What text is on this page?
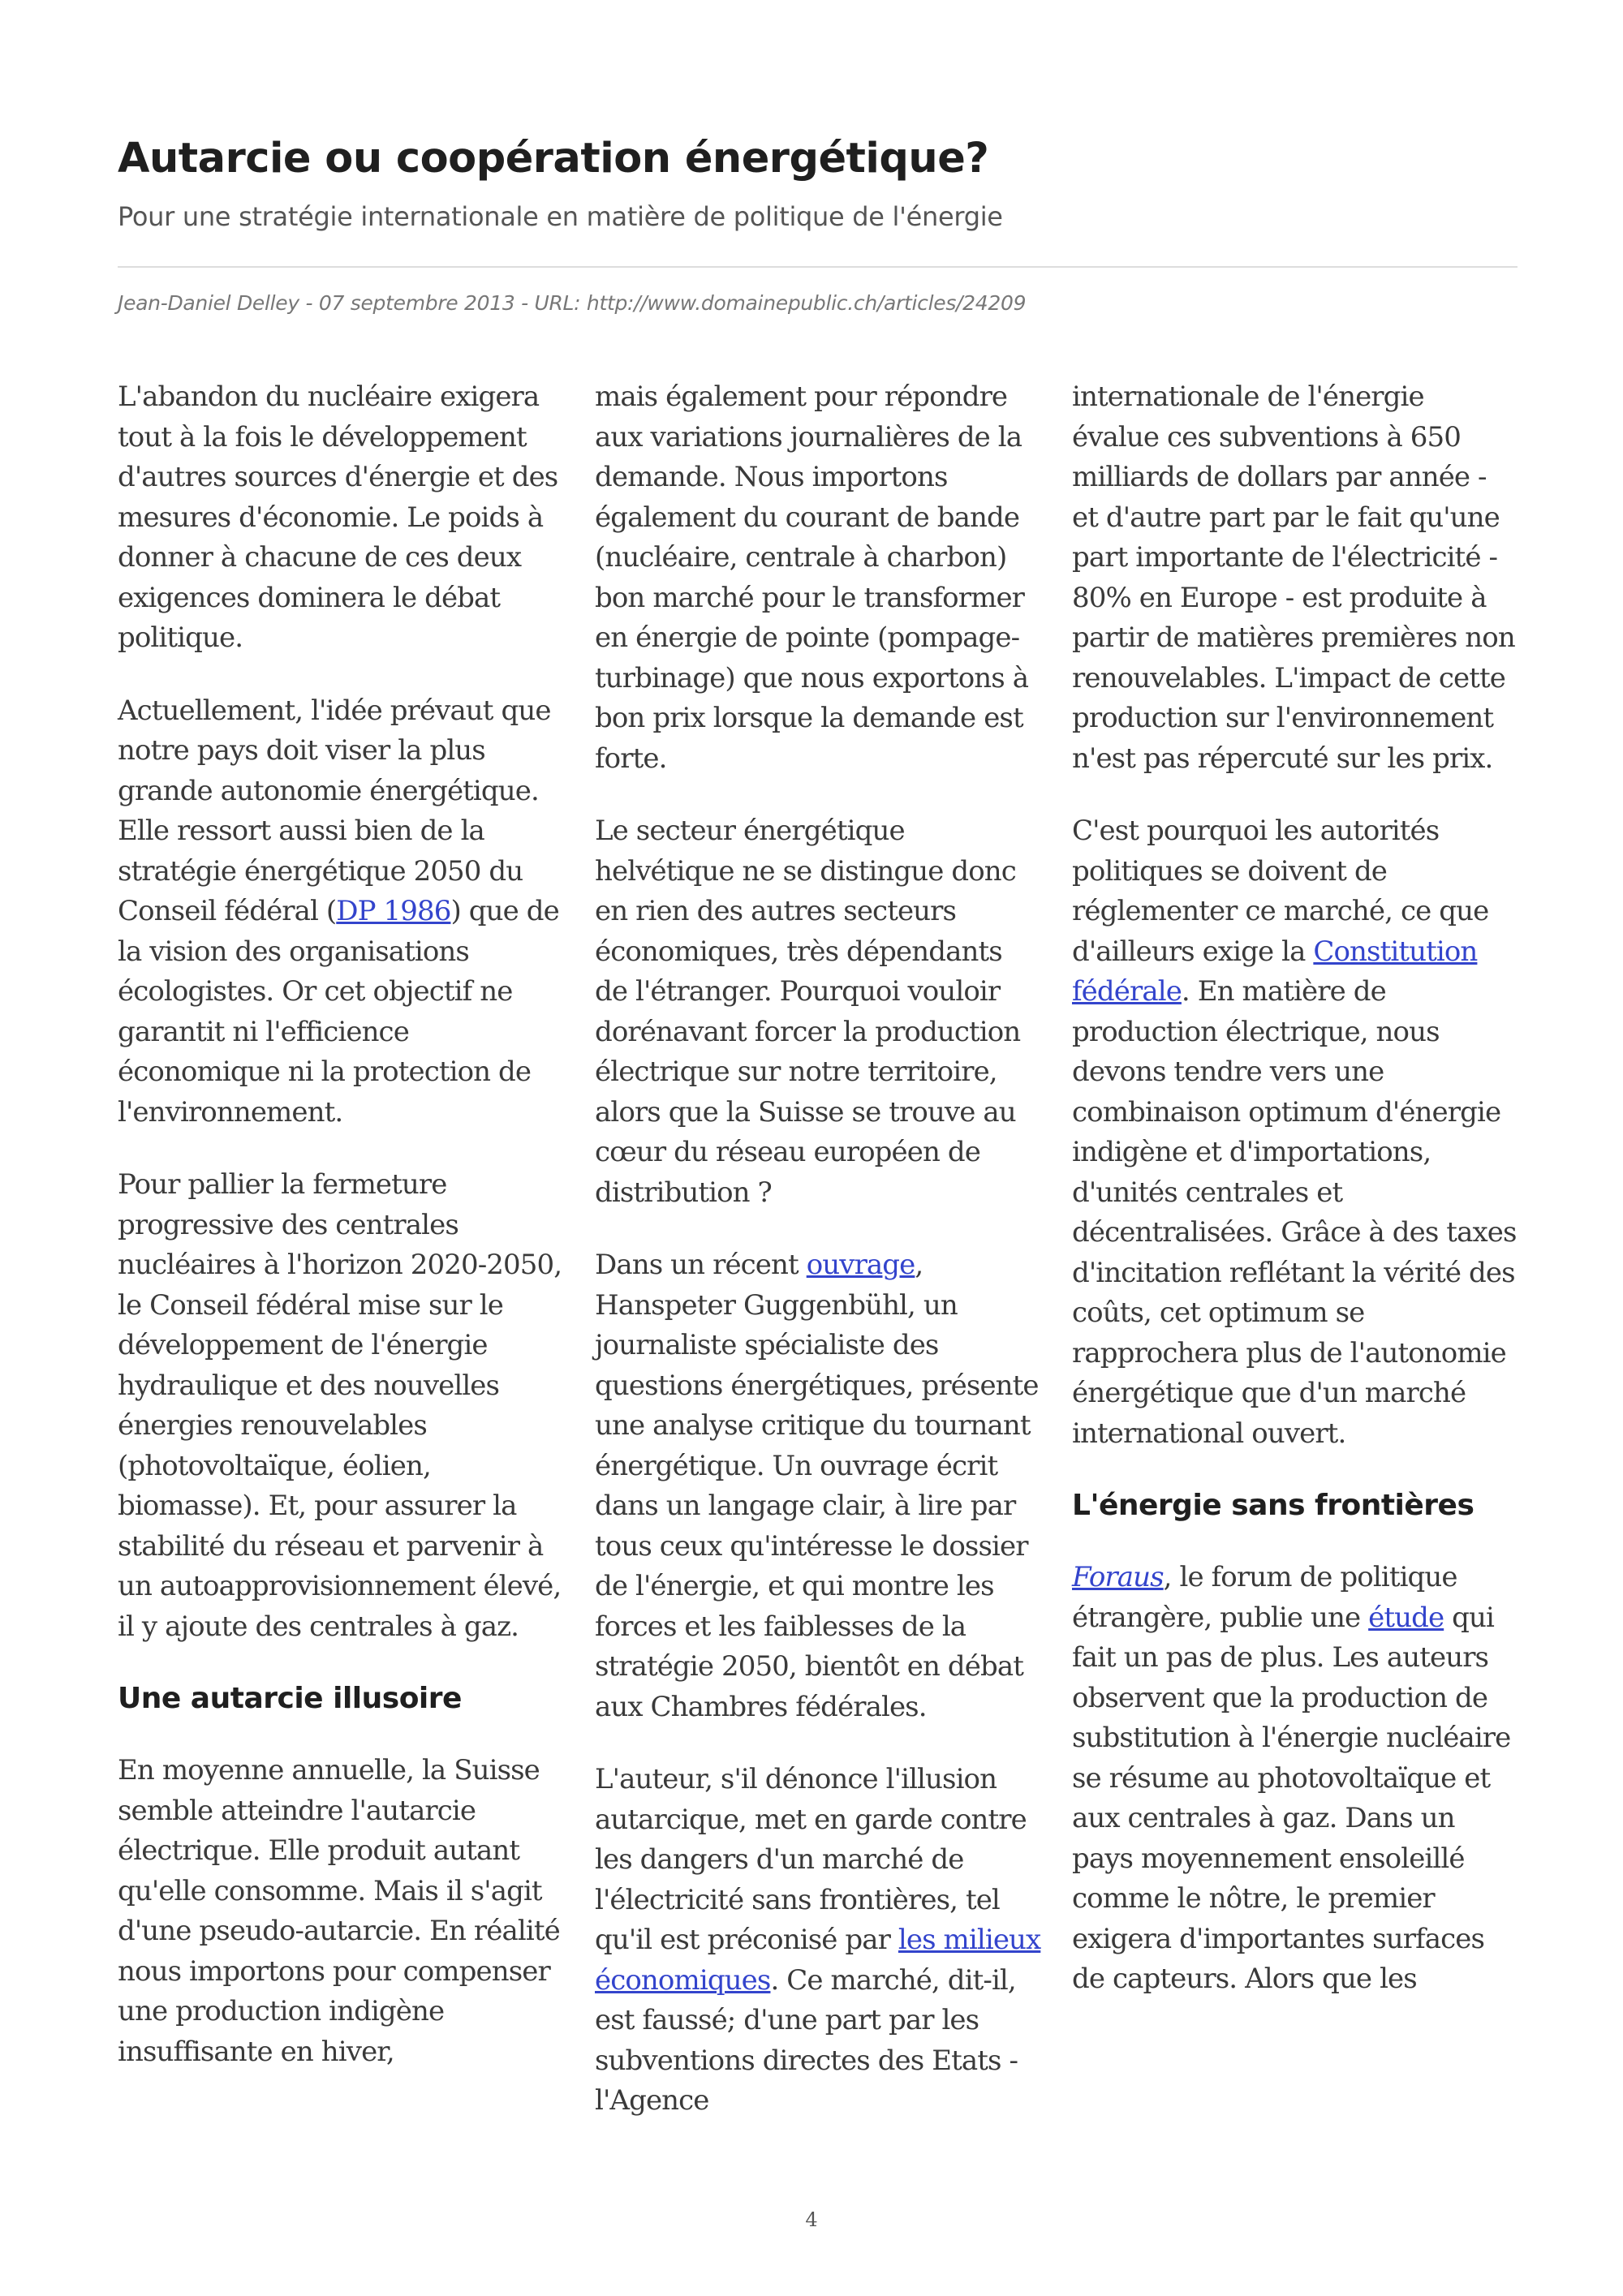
Autarcie ou coopération énergétique?
Pour une stratégie internationale en matière de politique de l'énergie
Jean-Daniel Delley - 07 septembre 2013 - URL: http://www.domainepublic.ch/articles/24209

L'abandon du nucléaire exigera tout à la fois le développement d'autres sources d'énergie et des mesures d'économie. Le poids à donner à chacune de ces deux exigences dominera le débat politique.

Actuellement, l'idée prévaut que notre pays doit viser la plus grande autonomie énergétique. Elle ressort aussi bien de la stratégie énergétique 2050 du Conseil fédéral (DP 1986) que de la vision des organisations écologistes. Or cet objectif ne garantit ni l'efficience économique ni la protection de l'environnement.

Pour pallier la fermeture progressive des centrales nucléaires à l'horizon 2020-2050, le Conseil fédéral mise sur le développement de l'énergie hydraulique et des nouvelles énergies renouvelables (photovoltaïque, éolien, biomasse). Et, pour assurer la stabilité du réseau et parvenir à un autoapprovisionnement élevé, il y ajoute des centrales à gaz.

Une autarcie illusoire

En moyenne annuelle, la Suisse semble atteindre l'autarcie électrique. Elle produit autant qu'elle consomme. Mais il s'agit d'une pseudo-autarcie. En réalité nous importons pour compenser une production indigène insuffisante en hiver,

mais également pour répondre aux variations journalières de la demande. Nous importons également du courant de bande (nucléaire, centrale à charbon) bon marché pour le transformer en énergie de pointe (pompage-turbinage) que nous exportons à bon prix lorsque la demande est forte.

Le secteur énergétique helvétique ne se distingue donc en rien des autres secteurs économiques, très dépendants de l'étranger. Pourquoi vouloir dorénavant forcer la production électrique sur notre territoire, alors que la Suisse se trouve au cœur du réseau européen de distribution ?

Dans un récent ouvrage, Hanspeter Guggenbühl, un journaliste spécialiste des questions énergétiques, présente une analyse critique du tournant énergétique. Un ouvrage écrit dans un langage clair, à lire par tous ceux qu'intéresse le dossier de l'énergie, et qui montre les forces et les faiblesses de la stratégie 2050, bientôt en débat aux Chambres fédérales.

L'auteur, s'il dénonce l'illusion autarcique, met en garde contre les dangers d'un marché de l'électricité sans frontières, tel qu'il est préconisé par les milieux économiques. Ce marché, dit-il, est faussé; d'une part par les subventions directes des Etats - l'Agence

internationale de l'énergie évalue ces subventions à 650 milliards de dollars par année - et d'autre part par le fait qu'une part importante de l'électricité - 80% en Europe - est produite à partir de matières premières non renouvelables. L'impact de cette production sur l'environnement n'est pas répercuté sur les prix.

C'est pourquoi les autorités politiques se doivent de réglementer ce marché, ce que d'ailleurs exige la Constitution fédérale. En matière de production électrique, nous devons tendre vers une combinaison optimum d'énergie indigène et d'importations, d'unités centrales et décentralisées. Grâce à des taxes d'incitation reflétant la vérité des coûts, cet optimum se rapprochera plus de l'autonomie énergétique que d'un marché international ouvert.

L'énergie sans frontières

Foraus, le forum de politique étrangère, publie une étude qui fait un pas de plus. Les auteurs observent que la production de substitution à l'énergie nucléaire se résume au photovoltaïque et aux centrales à gaz. Dans un pays moyennement ensoleillé comme le nôtre, le premier exigera d'importantes surfaces de capteurs. Alors que les

4
